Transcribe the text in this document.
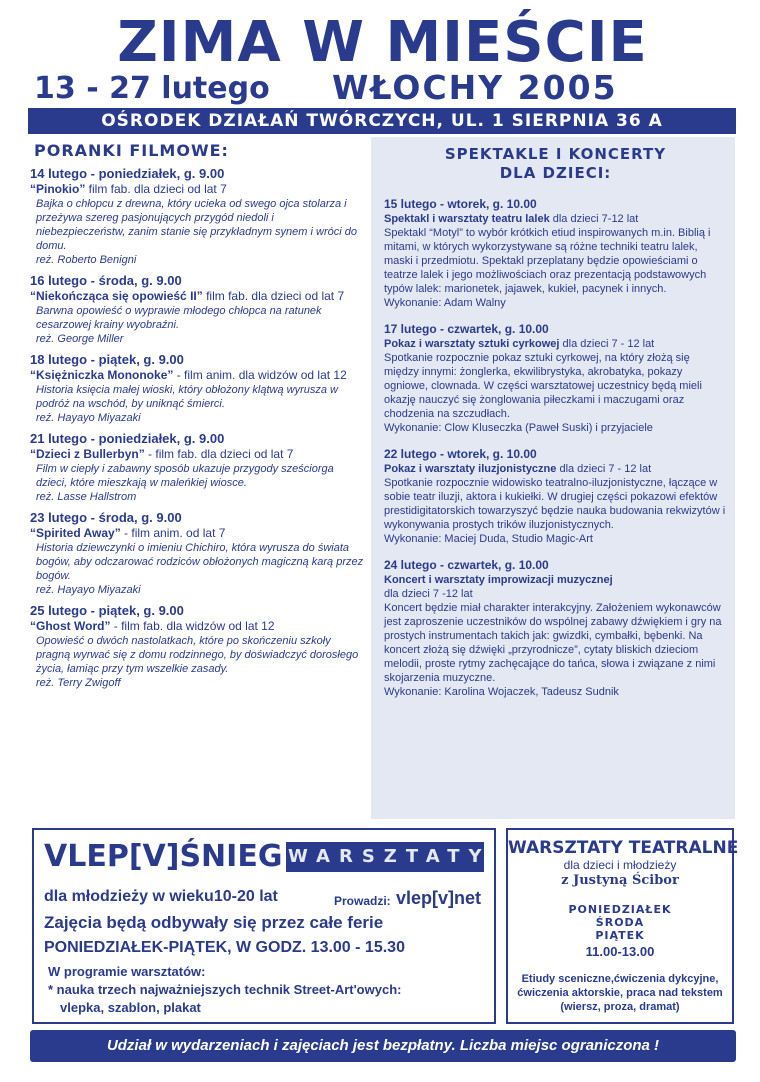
ZIMA W MIEŚCIE
13 - 27 lutego WŁOCHY 2005
OŚRODEK DZIAŁAŃ TWÓRCZYCH, UL. 1 SIERPNIA 36 A
PORANKI FILMOWE:
14 lutego - poniedziałek, g. 9.00
“Pinokio” film fab. dla dzieci od lat 7
Bajka o chłopcu z drewna, który ucieka od swego ojca stolarza i przeżywa szereg pasjonujących przygód niedoli i niebezpieczeństw, zanim stanie się przykładnym synem i wróci do domu.
reż. Roberto Benigni
16 lutego - środa, g. 9.00
“Niekończąca się opowieść II” film fab. dla dzieci od lat 7
Barwna opowieść o wyprawie młodego chłopca na ratunek cesarzowej krainy wyobraźni.
reż. George Miller
18 lutego - piątek, g. 9.00
“Księżniczka Mononoke” - film anim. dla widzów od lat 12
Historia księcia małej wioski, który obłożony klątwą wyrusza w podróż na wschód, by uniknąć śmierci.
reż. Hayayo Miyazaki
21 lutego - poniedziałek, g. 9.00
“Dzieci z Bullerbyn” - film fab. dla dzieci od lat 7
Film w ciepły i zabawny sposób ukazuje przygody sześciorga dzieci, które mieszkają w maleńkiej wiosce.
reż. Lasse Hallstrom
23 lutego - środa, g. 9.00
“Spirited Away” - film anim. od lat 7
Historia dziewczynki o imieniu Chichiro, która wyrusza do świata bogów, aby odczarować rodziców obłożonych magiczną karą przez bogów.
reż. Hayayo Miyazaki
25 lutego - piątek, g. 9.00
“Ghost Word” - film fab. dla widzów od lat 12
Opowieść o dwóch nastolatkach, które po skończeniu szkoły pragną wyrwać się z domu rodzinnego, by doświadczyć dorosłego życia, łamiąc przy tym wszelkie zasady.
reż. Terry Zwigoff
SPEKTAKLE I KONCERTY
DLA DZIECI:
15 lutego - wtorek, g. 10.00
Spektakl i warsztaty teatru lalek dla dzieci 7-12 lat
Spektakl “Motyl” to wybór krótkich etiud inspirowanych m.in. Biblią i mitami, w których wykorzystywane są różne techniki teatru lalek, maski i przedmiotu. Spektakl przeplatany będzie opowieściami o teatrze lalek i jego możliwościach oraz prezentacją podstawowych typów lalek: marionetek, jajawek, kukieł, pacynek i innych.
Wykonanie: Adam Walny
17 lutego - czwartek, g. 10.00
Pokaz i warsztaty sztuki cyrkowej dla dzieci 7 - 12 lat
Spotkanie rozpocznie pokaz sztuki cyrkowej, na który złożą się między innymi: żonglerka, ekwilibrystyka, akrobatyka, pokazy ogniowe, clownada. W części warsztatowej uczestnicy będą mieli okazję nauczyć się żonglowania piłeczkami i maczugami oraz chodzenia na szczudłach.
Wykonanie: Clow Kluseczka (Paweł Suski) i przyjaciele
22 lutego - wtorek, g. 10.00
Pokaz i warsztaty iluzjonistyczne dla dzieci 7 - 12 lat
Spotkanie rozpocznie widowisko teatralno-iluzjonistyczne, łączące w sobie teatr iluzji, aktora i kukiełki. W drugiej części pokazowi efektów prestidigitatorskich towarzyszyć będzie nauka budowania rekwizytów i wykonywania prostych trików iluzjonistycznych.
Wykonanie: Maciej Duda, Studio Magic-Art
24 lutego - czwartek, g. 10.00
Koncert i warsztaty improwizacji muzycznej
dla dzieci 7 -12 lat
Koncert będzie miał charakter interakcyjny. Założeniem wykonawców jest zaproszenie uczestników do wspólnej zabawy dźwiękiem i gry na prostych instrumentach takich jak: gwizdki, cymbałki, bębenki. Na koncert złożą się dźwięki „przyrodnicze”, cytaty bliskich dzieciom melodii, proste rytmy zachęcające do tańca, słowa i związane z nimi skojarzenia muzyczne.
Wykonanie: Karolina Wojaczek, Tadeusz Sudnik
VLEP[V]ŚNIEG WARSZTATY
dla młodzieży w wieku10-20 lat	Prowadzi: vlep[v]net
Zajęcia będą odbywały się przez całe ferie
PONIEDZIAŁEK-PIĄTEK, W GODZ. 13.00 - 15.30
W programie warsztatów:
* nauka trzech najważniejszych technik Street-Art'owych:
vlepka, szablon, plakat
WARSZTATY TEATRALNE
dla dzieci i młodzieży
z Justyną Ścibor
PONIEDZIAŁEK
ŚRODA
PIĄTEK
11.00-13.00
Etiudy sceniczne,ćwiczenia dykcyjne, ćwiczenia aktorskie, praca nad tekstem (wiersz, proza, dramat)
Udział w wydarzeniach i zajęciach jest bezpłatny. Liczba miejsc ograniczona !
